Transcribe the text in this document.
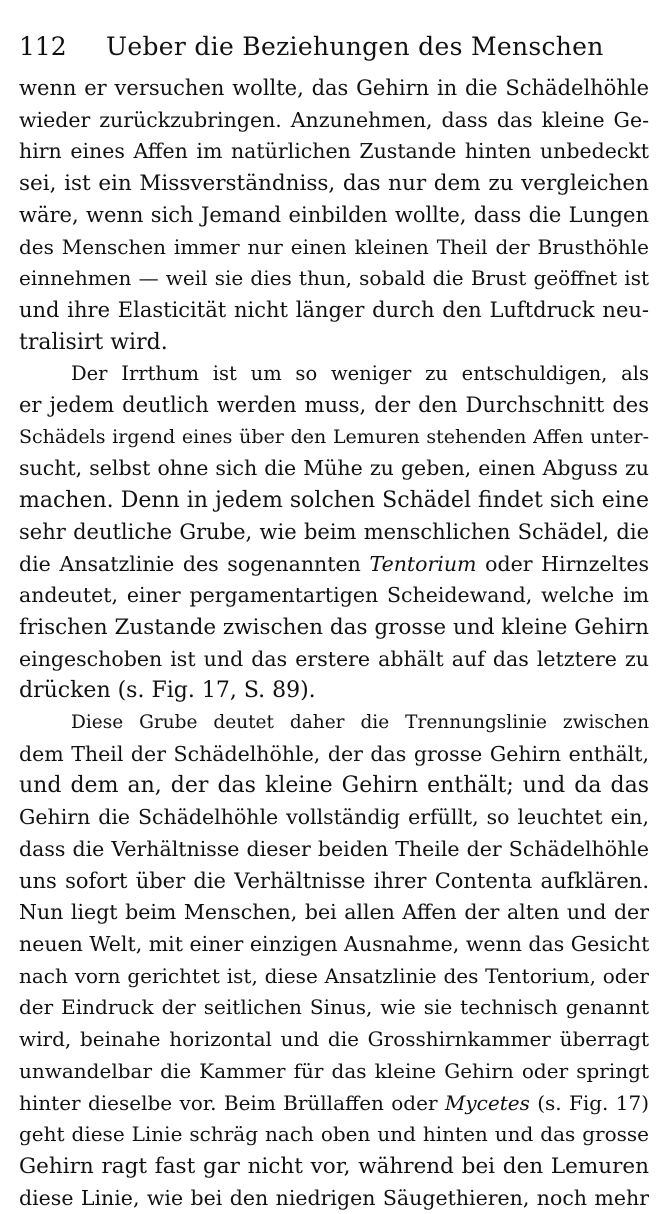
112 Ueber die Beziehungen des Menschen
wenn er versuchen wollte, das Gehirn in die Schädelhöhle
wieder zurückzubringen. Anzunehmen, dass das kleine Ge-
hirn eines Affen im natürlichen Zustande hinten unbedeckt
sei, ist ein Missverständniss, das nur dem zu vergleichen
wäre, wenn sich Jemand einbilden wollte, dass die Lungen
des Menschen immer nur einen kleinen Theil der Brusthöhle
einnehmen — weil sie dies thun, sobald die Brust geöffnet ist
und ihre Elasticität nicht länger durch den Luftdruck neu-
tralisirt wird.
Der Irrthum ist um so weniger zu entschuldigen, als
er jedem deutlich werden muss, der den Durchschnitt des
Schädels irgend eines über den Lemuren stehenden Affen unter-
sucht, selbst ohne sich die Mühe zu geben, einen Abguss zu
machen. Denn in jedem solchen Schädel findet sich eine
sehr deutliche Grube, wie beim menschlichen Schädel, die
die Ansatzlinie des sogenannten Tentorium oder Hirnzeltes
andeutet, einer pergamentartigen Scheidewand, welche im
frischen Zustande zwischen das grosse und kleine Gehirn
eingeschoben ist und das erstere abhält auf das letztere zu
drücken (s. Fig. 17, S. 89).
Diese Grube deutet daher die Trennungslinie zwischen
dem Theil der Schädelhöhle, der das grosse Gehirn enthält,
und dem an, der das kleine Gehirn enthält; und da das
Gehirn die Schädelhöhle vollständig erfüllt, so leuchtet ein,
dass die Verhältnisse dieser beiden Theile der Schädelhöhle
uns sofort über die Verhältnisse ihrer Contenta aufklären.
Nun liegt beim Menschen, bei allen Affen der alten und der
neuen Welt, mit einer einzigen Ausnahme, wenn das Gesicht
nach vorn gerichtet ist, diese Ansatzlinie des Tentorium, oder
der Eindruck der seitlichen Sinus, wie sie technisch genannt
wird, beinahe horizontal und die Grosshirnkammer überragt
unwandelbar die Kammer für das kleine Gehirn oder springt
hinter dieselbe vor. Beim Brüllaffen oder Mycetes (s. Fig. 17)
geht diese Linie schräg nach oben und hinten und das grosse
Gehirn ragt fast gar nicht vor, während bei den Lemuren
diese Linie, wie bei den niedrigen Säugethieren, noch mehr
